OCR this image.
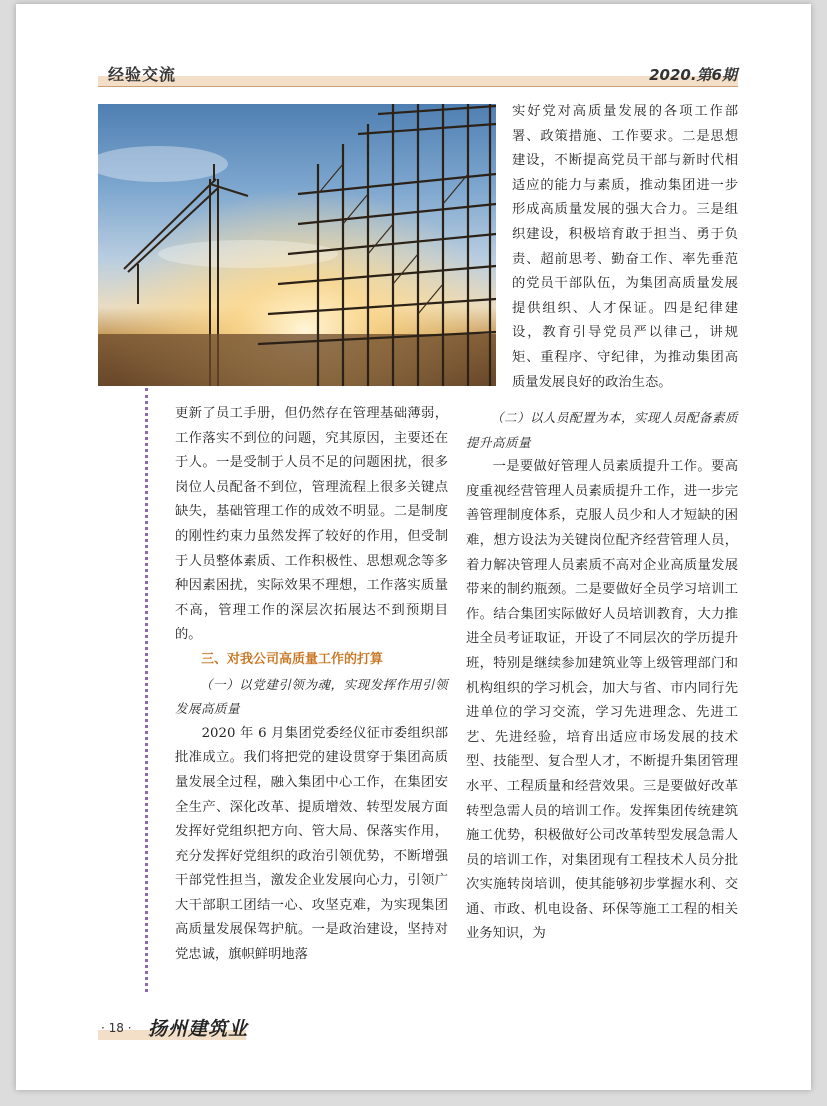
经验交流	2020.第6期

更新了员工手册，但仍然存在管理基础薄弱，工作落实不到位的问题，究其原因，主要还在于人。一是受制于人员不足的问题困扰，很多岗位人员配备不到位，管理流程上很多关键点缺失，基础管理工作的成效不明显。二是制度的刚性约束力虽然发挥了较好的作用，但受制于人员整体素质、工作积极性、思想观念等多种因素困扰，实际效果不理想，工作落实质量不高，管理工作的深层次拓展达不到预期目的。

三、对我公司高质量工作的打算

（一）以党建引领为魂，实现发挥作用引领发展高质量

2020 年 6 月集团党委经仪征市委组织部批准成立。我们将把党的建设贯穿于集团高质量发展全过程，融入集团中心工作，在集团安全生产、深化改革、提质增效、转型发展方面发挥好党组织把方向、管大局、保落实作用，充分发挥好党组织的政治引领优势，不断增强干部党性担当，激发企业发展向心力，引领广大干部职工团结一心、攻坚克难，为实现集团高质量发展保驾护航。一是政治建设，坚持对党忠诚，旗帜鲜明地落

实好党对高质量发展的各项工作部署、政策措施、工作要求。二是思想建设，不断提高党员干部与新时代相适应的能力与素质，推动集团进一步形成高质量发展的强大合力。三是组织建设，积极培育敢于担当、勇于负责、超前思考、勤奋工作、率先垂范的党员干部队伍，为集团高质量发展提供组织、人才保证。四是纪律建设，教育引导党员严以律己，讲规矩、重程序、守纪律，为推动集团高质量发展良好的政治生态。

（二）以人员配置为本，实现人员配备素质提升高质量

一是要做好管理人员素质提升工作。要高度重视经营管理人员素质提升工作，进一步完善管理制度体系，克服人员少和人才短缺的困难，想方设法为关键岗位配齐经营管理人员，着力解决管理人员素质不高对企业高质量发展带来的制约瓶颈。二是要做好全员学习培训工作。结合集团实际做好人员培训教育，大力推进全员考证取证，开设了不同层次的学历提升班，特别是继续参加建筑业等上级管理部门和机构组织的学习机会，加大与省、市内同行先进单位的学习交流，学习先进理念、先进工艺、先进经验，培育出适应市场发展的技术型、技能型、复合型人才，不断提升集团管理水平、工程质量和经营效果。三是要做好改革转型急需人员的培训工作。发挥集团传统建筑施工优势，积极做好公司改革转型发展急需人员的培训工作，对集团现有工程技术人员分批次实施转岗培训，使其能够初步掌握水利、交通、市政、机电设备、环保等施工工程的相关业务知识，为

· 18 · 扬州建筑业
